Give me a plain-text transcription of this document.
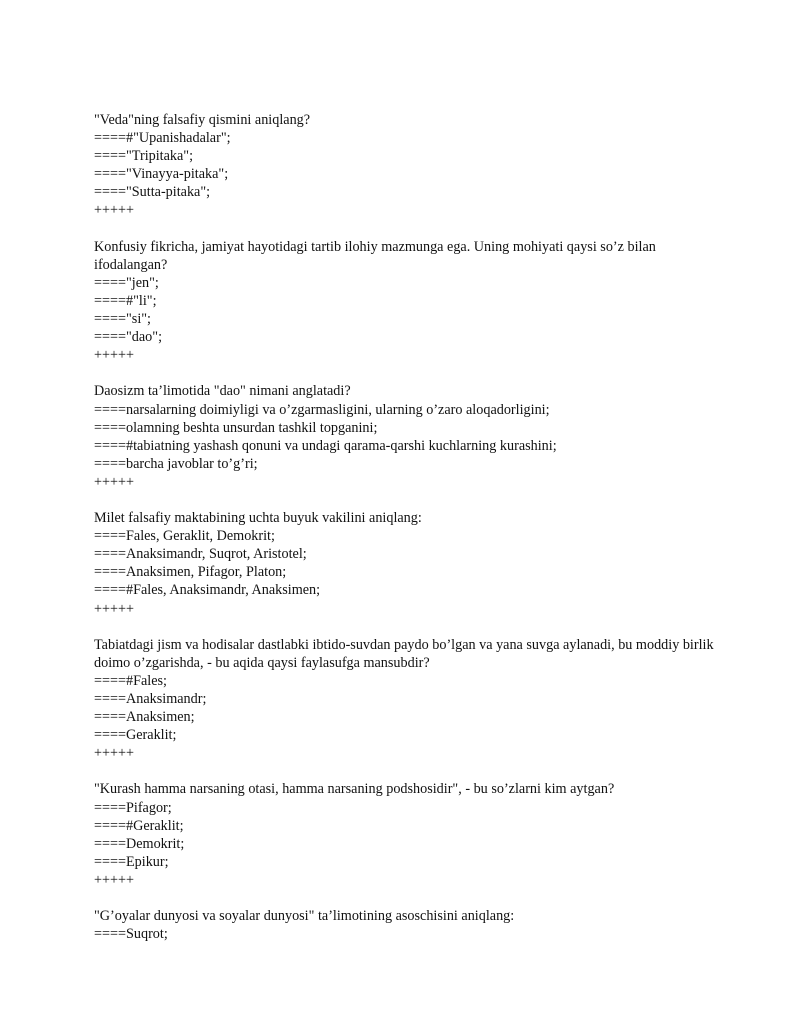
"Veda"ning falsafiy qismini aniqlang?
====#"Upanishadalar";
===="Tripitaka";
===="Vinayya-pitaka";
===="Sutta-pitaka";
+++++
Konfusiy fikricha, jamiyat hayotidagi tartib ilohiy mazmunga ega. Uning mohiyati qaysi so’z bilan ifodalangan?
===="jen";
====#"li";
===="si";
===="dao";
+++++
Daosizm ta’limotida "dao" nimani anglatadi?
====narsalarning doimiyligi va o’zgarmasligini, ularning o’zaro aloqadorligini;
====olamning beshta unsurdan tashkil topganini;
====#tabiatning yashash qonuni va undagi qarama-qarshi kuchlarning kurashini;
====barcha javoblar to’g’ri;
+++++
Milet falsafiy maktabining uchta buyuk vakilini aniqlang:
====Fales, Geraklit, Demokrit;
====Anaksimandr, Suqrot, Aristotel;
====Anaksimen, Pifagor, Platon;
====#Fales, Anaksimandr, Anaksimen;
+++++
Tabiatdagi jism va hodisalar dastlabki ibtido-suvdan paydo bo’lgan va yana suvga aylanadi, bu moddiy birlik doimo o’zgarishda, - bu aqida qaysi faylasufga mansubdir?
====#Fales;
====Anaksimandr;
====Anaksimen;
====Geraklit;
+++++
"Kurash hamma narsaning otasi, hamma narsaning podshosidir", - bu so’zlarni kim aytgan?
====Pifagor;
====#Geraklit;
====Demokrit;
====Epikur;
+++++
"G’oyalar dunyosi va soyalar dunyosi" ta’limotining asoschisini aniqlang:
====Suqrot;
